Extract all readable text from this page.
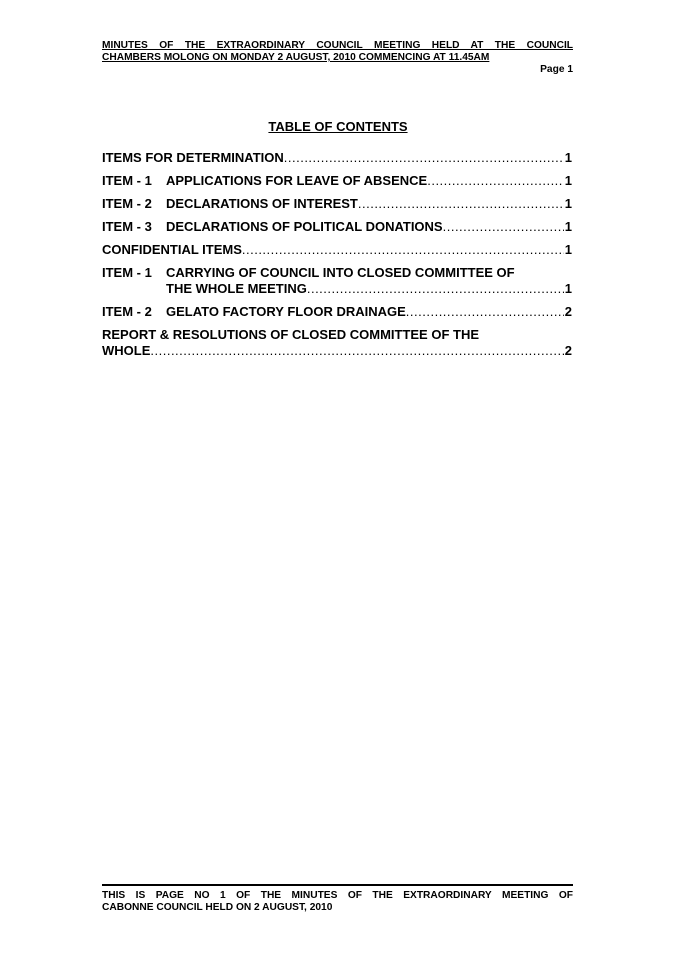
MINUTES OF THE EXTRAORDINARY COUNCIL MEETING HELD AT THE COUNCIL
CHAMBERS MOLONG ON MONDAY 2 AUGUST, 2010 COMMENCING AT 11.45AM
Page 1
TABLE OF CONTENTS
ITEMS FOR DETERMINATION .....	1
ITEM - 1	APPLICATIONS FOR LEAVE OF ABSENCE .....	1
ITEM - 2	DECLARATIONS OF INTEREST .....	1
ITEM - 3	DECLARATIONS OF POLITICAL DONATIONS .....	1
CONFIDENTIAL ITEMS .....	1
ITEM - 1	CARRYING OF COUNCIL INTO CLOSED COMMITTEE OF
THE WHOLE MEETING .....	1
ITEM - 2	GELATO FACTORY FLOOR DRAINAGE .....	2
REPORT & RESOLUTIONS OF CLOSED COMMITTEE OF THE
WHOLE .....	2
THIS IS PAGE NO 1 OF THE MINUTES OF THE EXTRAORDINARY MEETING OF
CABONNE COUNCIL HELD ON 2 AUGUST, 2010
